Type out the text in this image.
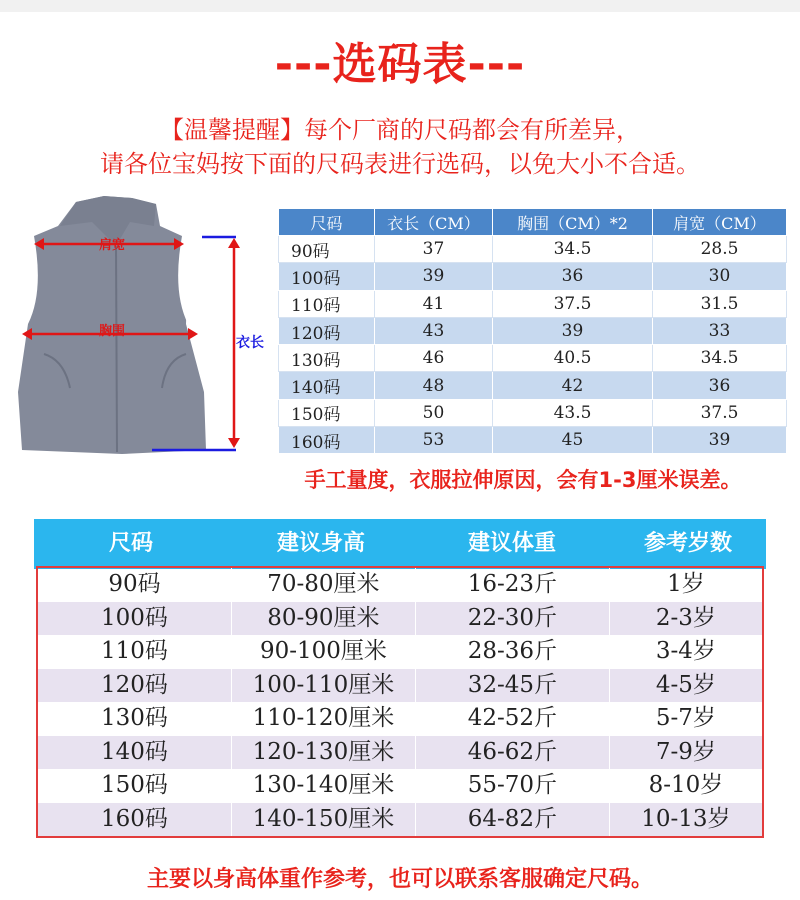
---选码表---
【温馨提醒】每个厂商的尺码都会有所差异，
请各位宝妈按下面的尺码表进行选码，以免大小不合适。
肩宽
胸围
衣长
尺码	衣长（CM）	胸围（CM）*2	肩宽（CM）
90码	37	34.5	28.5
100码	39	36	30
110码	41	37.5	31.5
120码	43	39	33
130码	46	40.5	34.5
140码	48	42	36
150码	50	43.5	37.5
160码	53	45	39
手工量度，衣服拉伸原因，会有1-3厘米误差。
尺码	建议身高	建议体重	参考岁数
90码	70-80厘米	16-23斤	1岁
100码	80-90厘米	22-30斤	2-3岁
110码	90-100厘米	28-36斤	3-4岁
120码	100-110厘米	32-45斤	4-5岁
130码	110-120厘米	42-52斤	5-7岁
140码	120-130厘米	46-62斤	7-9岁
150码	130-140厘米	55-70斤	8-10岁
160码	140-150厘米	64-82斤	10-13岁
主要以身高体重作参考，也可以联系客服确定尺码。
